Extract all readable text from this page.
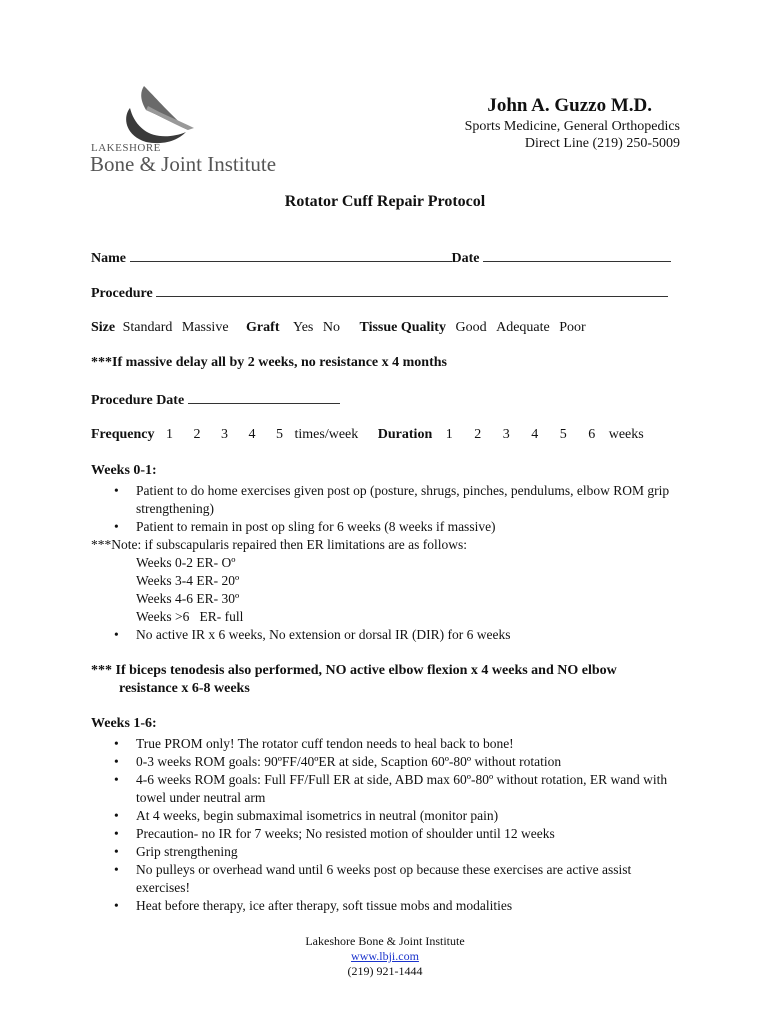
LAKESHORE
Bone & Joint Institute
John A. Guzzo M.D.
Sports Medicine, General Orthopedics
Direct Line (219) 250-5009
Rotator Cuff Repair Protocol
Name	Date
Procedure
Size Standard Massive Graft Yes No Tissue Quality Good Adequate Poor
***If massive delay all by 2 weeks, no resistance x 4 months
Procedure Date
Frequency 1 2 3 4 5 times/week Duration 1 2 3 4 5 6 weeks
Weeks 0-1:
• Patient to do home exercises given post op (posture, shrugs, pinches, pendulums, elbow ROM grip strengthening)
• Patient to remain in post op sling for 6 weeks (8 weeks if massive)
***Note: if subscapularis repaired then ER limitations are as follows:
Weeks 0-2 ER- Oº
Weeks 3-4 ER- 20º
Weeks 4-6 ER- 30º
Weeks >6   ER- full
• No active IR x 6 weeks, No extension or dorsal IR (DIR) for 6 weeks
*** If biceps tenodesis also performed, NO active elbow flexion x 4 weeks and NO elbow
resistance x 6-8 weeks
Weeks 1-6:
• True PROM only! The rotator cuff tendon needs to heal back to bone!
• 0-3 weeks ROM goals: 90ºFF/40ºER at side, Scaption 60º-80º without rotation
• 4-6 weeks ROM goals: Full FF/Full ER at side, ABD max 60º-80º without rotation, ER wand with towel under neutral arm
• At 4 weeks, begin submaximal isometrics in neutral (monitor pain)
• Precaution- no IR for 7 weeks; No resisted motion of shoulder until 12 weeks
• Grip strengthening
• No pulleys or overhead wand until 6 weeks post op because these exercises are active assist exercises!
• Heat before therapy, ice after therapy, soft tissue mobs and modalities
Lakeshore Bone & Joint Institute
www.lbji.com
(219) 921-1444
